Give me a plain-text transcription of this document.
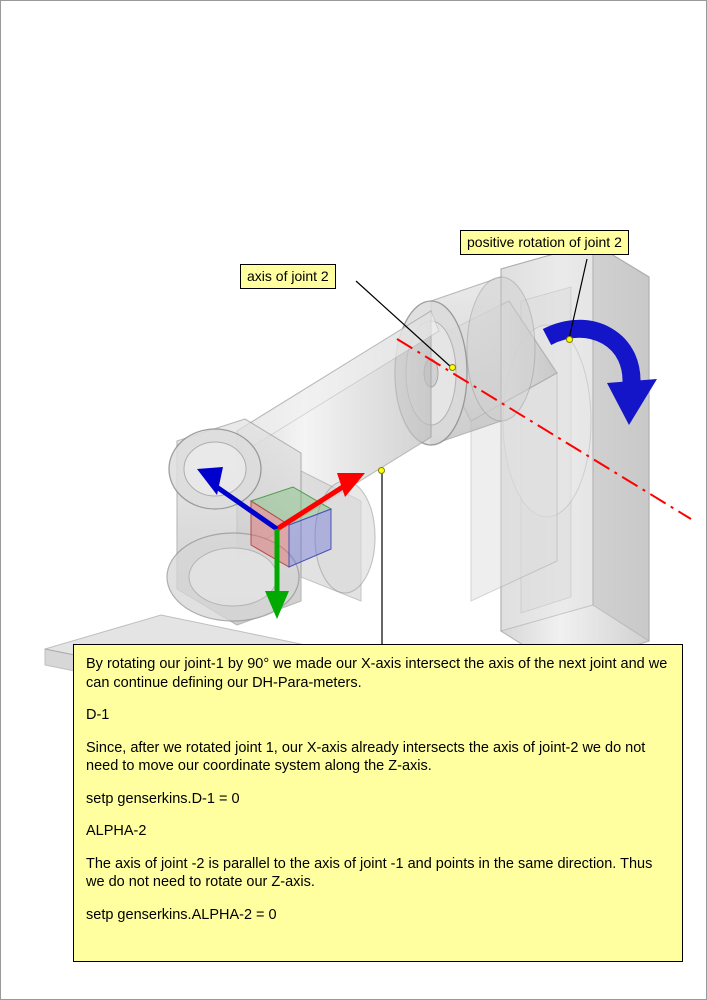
axis of joint 2
positive rotation of joint 2

By rotating our joint-1 by 90° we made our X-axis intersect the axis of the next joint and we can continue defining our DH-Para-meters.

D-1

Since, after we rotated joint 1, our X-axis already intersects the axis of joint-2 we do not need to move our coordinate system along the Z-axis.

setp genserkins.D-1 = 0

ALPHA-2

The axis of joint -2 is parallel to the axis of joint -1 and points in the same direction. Thus we do not need to rotate our Z-axis.

setp genserkins.ALPHA-2 = 0
